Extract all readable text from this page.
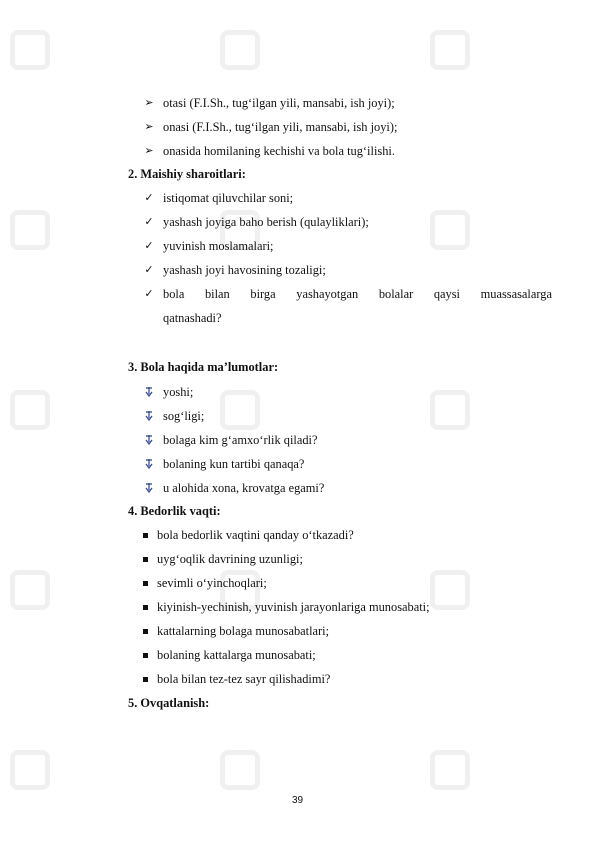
➢ otasi (F.I.Sh., tug‘ilgan yili, mansabi, ish joyi);
➢ onasi (F.I.Sh., tug‘ilgan yili, mansabi, ish joyi);
➢ onasida homilaning kechishi va bola tug‘ilishi.
2. Maishiy sharoitlari:
✓ istiqomat qiluvchilar soni;
✓ yashash joyiga baho berish (qulayliklari);
✓ yuvinish moslamalari;
✓ yashash joyi havosining tozaligi;
✓ bola bilan birga yashayotgan bolalar qaysi muassasalarga
qatnashadi?
3. Bola haqida ma’lumotlar:
yoshi;
sog‘ligi;
bolaga kim g‘amxo‘rlik qiladi?
bolaning kun tartibi qanaqa?
u alohida xona, krovatga egami?
4. Bedorlik vaqti:
bola bedorlik vaqtini qanday o‘tkazadi?
uyg‘oqlik davrining uzunligi;
sevimli o‘yinchoqlari;
kiyinish-yechinish, yuvinish jarayonlariga munosabati;
kattalarning bolaga munosabatlari;
bolaning kattalarga munosabati;
bola bilan tez-tez sayr qilishadimi?
5. Ovqatlanish:
39
